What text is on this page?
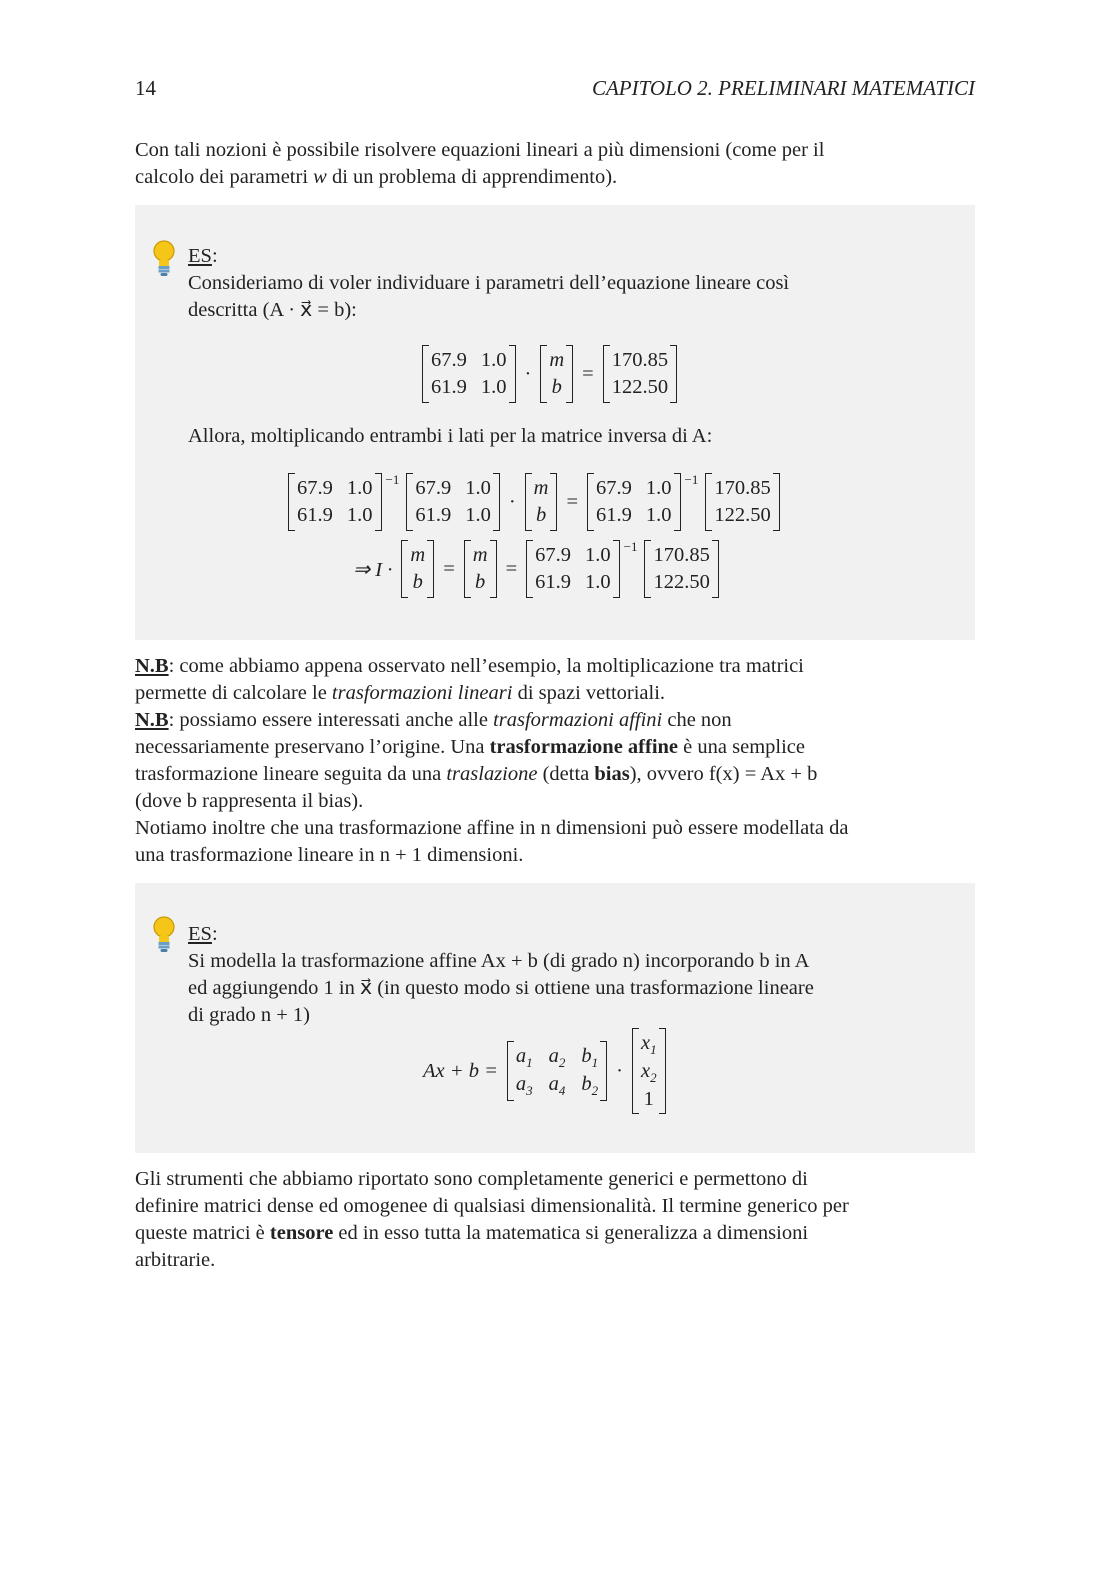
14	CAPITOLO 2. PRELIMINARI MATEMATICI
Con tali nozioni è possibile risolvere equazioni lineari a più dimensioni (come per il
calcolo dei parametri w di un problema di apprendimento).
ES:
Consideriamo di voler individuare i parametri dell’equazione lineare così
descritta (A · x⃗ = b):
67.9 1.0
61.9 1.0
·
m
b
=
170.85
122.50
Allora, moltiplicando entrambi i lati per la matrice inversa di A:
67.9 1.0
61.9 1.0
−1 67.9 1.0
61.9 1.0
·
m
b
=
67.9 1.0
61.9 1.0
−1 170.85
122.50
⇒ I ·
m
b
=
m
b
=
67.9 1.0
61.9 1.0
−1 170.85
122.50
N.B: come abbiamo appena osservato nell’esempio, la moltiplicazione tra matrici
permette di calcolare le trasformazioni lineari di spazi vettoriali.
N.B: possiamo essere interessati anche alle trasformazioni affini che non
necessariamente preservano l’origine. Una trasformazione affine è una semplice
trasformazione lineare seguita da una traslazione (detta bias), ovvero f(x) = Ax + b
(dove b rappresenta il bias).
Notiamo inoltre che una trasformazione affine in n dimensioni può essere modellata da
una trasformazione lineare in n + 1 dimensioni.
ES:
Si modella la trasformazione affine Ax + b (di grado n) incorporando b in A
ed aggiungendo 1 in x⃗ (in questo modo si ottiene una trasformazione lineare
di grado n + 1)
Ax + b =
$a_1$ $a_2$ $b_1$
$a_3$ $a_4$ $b_2$
·
$x_1$
$x_2$
1
Gli strumenti che abbiamo riportato sono completamente generici e permettono di
definire matrici dense ed omogenee di qualsiasi dimensionalità. Il termine generico per
queste matrici è tensore ed in esso tutta la matematica si generalizza a dimensioni
arbitrarie.
